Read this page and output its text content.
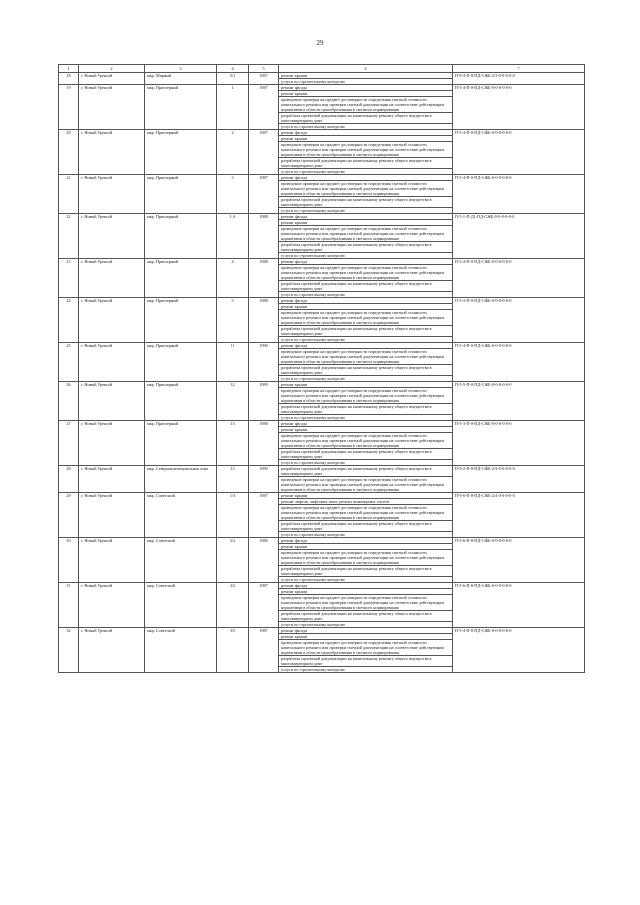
29
1	2	3	4	5	6	7
18	г. Новый Уренгой	мкр. Мирный	5/1	1987	ремонт крыши	П-9-4-П-8-ПД-СЖБ-2/3-0-0-0-0-0
					услуги по строительному контролю	
19	г. Новый Уренгой	мкр. Приозерный	1	1987	ремонт фасада	П-5-4-П-0-ПД-СЖБ-0-0-0-0-0-0
					ремонт крыши	
					проведение проверки на предмет достоверности определения сметной стоимости капитального ремонта или проверки сметной документации на соответствие действующим нормативам в области ценообразования в сметного нормирования	
					разработка проектной документации на капитальному ремонту общего имущества в многоквартирном доме	
					услуги по строительному контролю	
20	г. Новый Уренгой	мкр. Приозерный	2	1987	ремонт фасада	П-5-4-П-0-ПД-СЖБ-0-0-0-0-0-0
					ремонт крыши	
					проведение проверки на предмет достоверности определения сметной стоимости капитального ремонта или проверки сметной документации на соответствие действующим нормативам в области ценообразования в сметного нормирования	
					разработка проектной документации на капитальному ремонту общего имущества в многоквартирном доме	
					услуги по строительному контролю	
21	г. Новый Уренгой	мкр. Приозерный	3	1987	ремонт фасада	П-5-4-П-0-ПД-СЖБ-0-0-0-0-0-0
					проведение проверки на предмет достоверности определения сметной стоимости капитального ремонта или проверки сметной документации на соответствие действующим нормативам в области ценообразования в сметного нормирования	
					разработка проектной документации на капитальному ремонту общего имущества в многоквартирном доме	
					услуги по строительному контролю	
22	г. Новый Уренгой	мкр. Приозерный	3 А	1988	ремонт фасада	П-5-1-П-Д1-ПД-СЖБ-0-0-0-0-0-0
					ремонт крыши	
					проведение проверки на предмет достоверности определения сметной стоимости капитального ремонта или проверки сметной документации на соответствие действующим нормативам в области ценообразования в сметного нормирования	
					разработка проектной документации на капитальному ремонту общего имущества в многоквартирном доме	
					услуги по строительному контролю	
23	г. Новый Уренгой	мкр. Приозерный	4	1988	ремонт фасада	П-5-4-П-0-ПД-СЖБ-0-0-0-0-0-0
					проведение проверки на предмет достоверности определения сметной стоимости капитального ремонта или проверки сметной документации на соответствие действующим нормативам в области ценообразования в сметного нормирования	
					разработка проектной документации на капитальному ремонту общего имущества в многоквартирном доме	
					услуги по строительному контролю	
24	г. Новый Уренгой	мкр. Приозерный	5	1988	ремонт фасада	П-5-3-П-0-ПД-СЖБ-0-0-0-0-0-0
					ремонт крыши	
					проведение проверки на предмет достоверности определения сметной стоимости капитального ремонта или проверки сметной документации на соответствие действующим нормативам в области ценообразования в сметного нормирования	
					разработка проектной документации на капитальному ремонту общего имущества в многоквартирном доме	
					услуги по строительному контролю	
25	г. Новый Уренгой	мкр. Приозерный	11	1990	ремонт фасада	П-5-4-П-0-ПД-СЖБ-0-0-0-0-0-0
					проведение проверки на предмет достоверности определения сметной стоимости капитального ремонта или проверки сметной документации на соответствие действующим нормативам в области ценообразования в сметного нормирования	
					разработка проектной документации на капитальному ремонту общего имущества в многоквартирном доме	
					услуги по строительному контролю	
26	г. Новый Уренгой	мкр. Приозерный	12	1989	ремонт крыши	П-5-5-П-0-ПД-СЖБ-0-0-0-0-0-0
					проведение проверки на предмет достоверности определения сметной стоимости капитального ремонта или проверки сметной документации на соответствие действующим нормативам в области ценообразования в сметного нормирования	
					разработка проектной документации на капитальному ремонту общего имущества в многоквартирном доме	
					услуги по строительному контролю	
27	г. Новый Уренгой	мкр. Приозерный	13	1988	ремонт фасада	П-5-3-П-0-ПД-СЖБ-0-0-0-0-0-0
					ремонт крыши	
					проведение проверки на предмет достоверности определения сметной стоимости капитального ремонта или проверки сметной документации на соответствие действующим нормативам в области ценообразования в сметного нормирования	
					разработка проектной документации на капитальному ремонту общего имущества в многоквартирном доме	
					услуги по строительному контролю	
28	г. Новый Уренгой	мкр. Северная коммунальная зона	13	1990	разработка проектной документации на капитальному ремонту общего имущества в многоквартирном доме	П-9-2-П-8-ПД-СЖБ-2/3-0-0-0-0-0
					проведение проверки на предмет достоверности определения сметной стоимости капитального ремонта или проверки сметной документации на соответствие действующим нормативам в области ценообразования в сметного нормирования	
29	г. Новый Уренгой	мкр. Советский	1/3	1987	ремонт крыши	П-9-6-П-8-ПД-СЖБ-2/4-0-0-0-0-0
					ремонт лифтов, лифтовых шахт, ремонт инженерных систем	
					проведение проверки на предмет достоверности определения сметной стоимости капитального ремонта или проверки сметной документации на соответствие действующим нормативам в области ценообразования в сметного нормирования	
					разработка проектной документации на капитальному ремонту общего имущества в многоквартирном доме	
					услуги по строительному контролю	
30	г. Новый Уренгой	мкр. Советский	2/2	1986	ремонт фасада	П-5-6-П-8-ПД-СЖБ-0-0-0-0-0-0
					ремонт крыши	
					проведение проверки на предмет достоверности определения сметной стоимости капитального ремонта или проверки сметной документации на соответствие действующим нормативам в области ценообразования в сметного нормирования	
					разработка проектной документации на капитальному ремонту общего имущества в многоквартирном доме	
					услуги по строительному контролю	
31	г. Новый Уренгой	мкр. Советский	3/2	1987	ремонт фасада	П-5-6-П-8-ПД-СЖБ-0-0-0-0-0-0
					ремонт крыши	
					проведение проверки на предмет достоверности определения сметной стоимости капитального ремонта или проверки сметной документации на соответствие действующим нормативам в области ценообразования в сметного нормирования	
					разработка проектной документации на капитальному ремонту общего имущества в многоквартирном доме	
					услуги по строительному контролю	
32	г. Новый Уренгой	мкр. Советский	3/5	1987	ремонт фасада	П-5-4-П-8-ПД-СЖБ-0-0-0-0-0-0
					ремонт крыши	
					проведение проверки на предмет достоверности определения сметной стоимости капитального ремонта или проверки сметной документации на соответствие действующим нормативам в области ценообразования в сметного нормирования	
					разработка проектной документации на капитальному ремонту общего имущества в многоквартирном доме	
					услуги по строительному контролю	
